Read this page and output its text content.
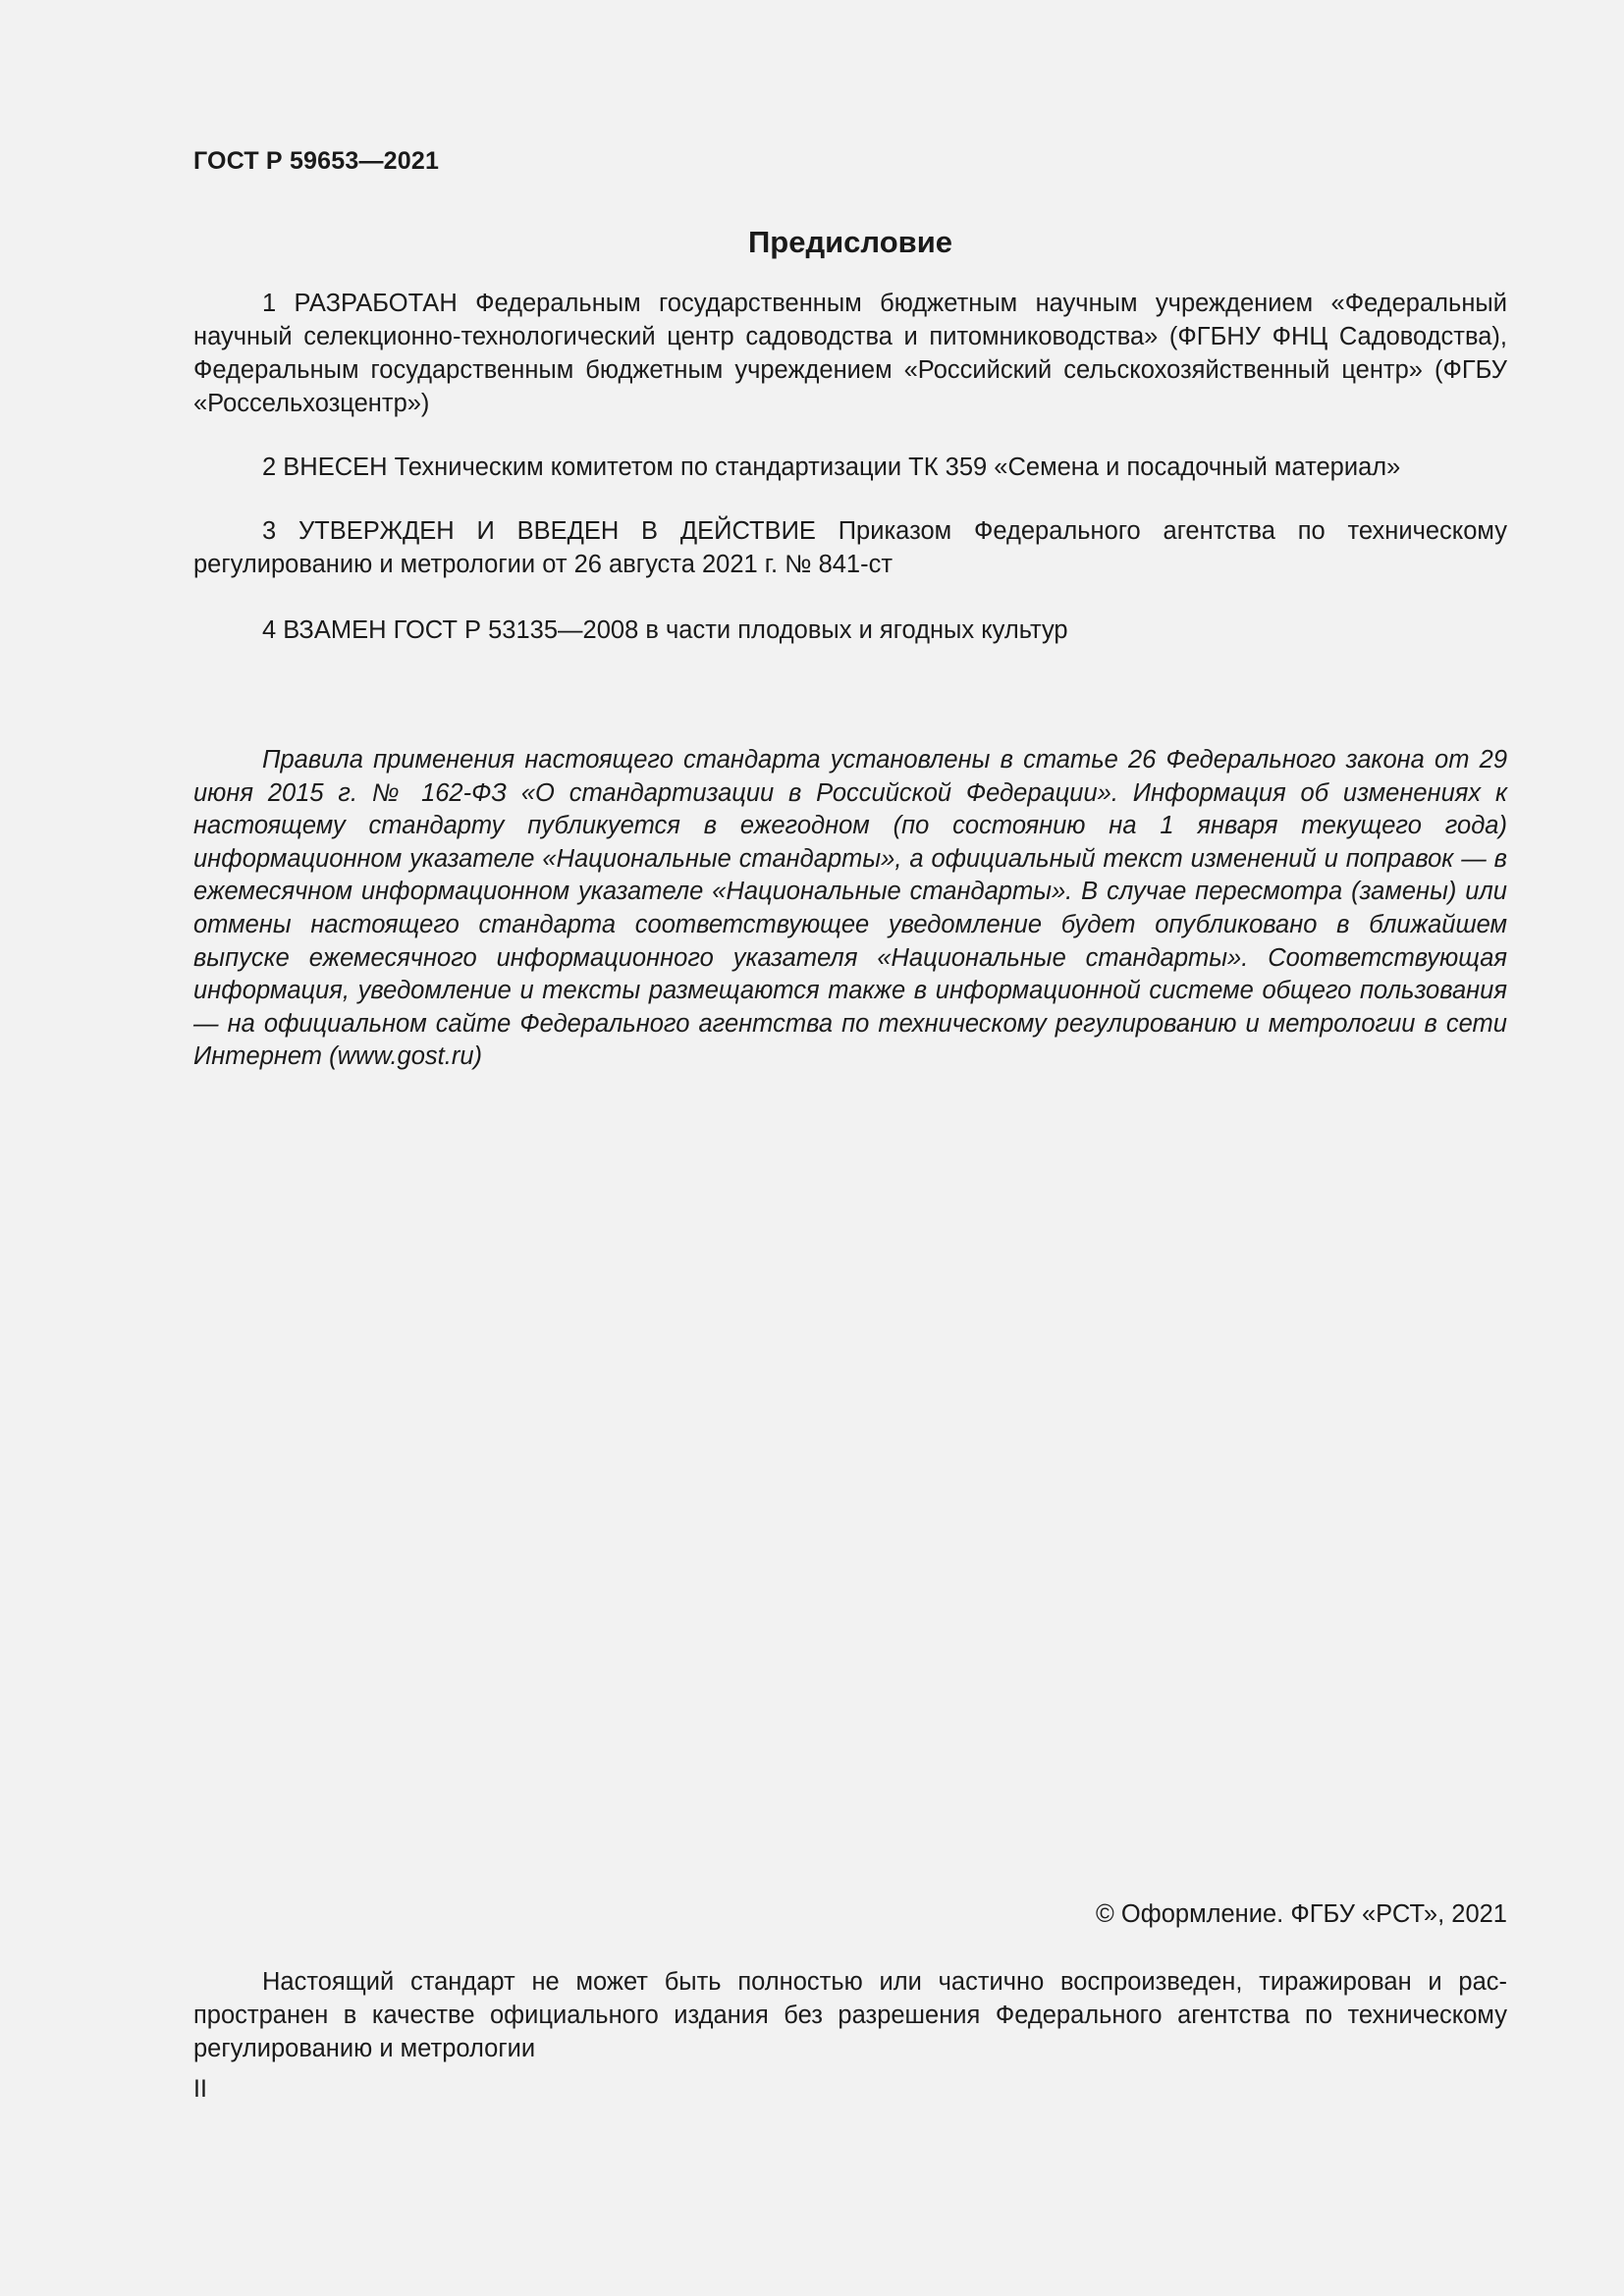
ГОСТ Р 59653—2021
Предисловие

1 РАЗРАБОТАН Федеральным государственным бюджетным научным учреждением «Федеральный научный селекционно-технологический центр садоводства и питомниководства» (ФГБНУ ФНЦ Садоводства), Федеральным государственным бюджетным учреждением «Российский сельскохозяйственный центр» (ФГБУ «Россельхозцентр»)

2 ВНЕСЕН Техническим комитетом по стандартизации ТК 359 «Семена и посадочный материал»

3 УТВЕРЖДЕН И ВВЕДЕН В ДЕЙСТВИЕ Приказом Федерального агентства по техническому регулированию и метрологии от 26 августа 2021 г. № 841-ст

4 ВЗАМЕН ГОСТ Р 53135—2008 в части плодовых и ягодных культур

Правила применения настоящего стандарта установлены в статье 26 Федерального закона от 29 июня 2015 г. № 162-ФЗ «О стандартизации в Российской Федерации». Информация об изменениях к настоящему стандарту публикуется в ежегодном (по состоянию на 1 января текущего года) информационном указателе «Национальные стандарты», а официальный текст изменений и поправок — в ежемесячном информационном указателе «Национальные стандарты». В случае пересмотра (замены) или отмены настоящего стандарта соответствующее уведомление будет опубликовано в ближайшем выпуске ежемесячного информационного указателя «Национальные стандарты». Соответствующая информация, уведомление и тексты размещаются также в информационной системе общего пользования — на официальном сайте Федерального агентства по техническому регулированию и метрологии в сети Интернет (www.gost.ru)

© Оформление. ФГБУ «РСТ», 2021

Настоящий стандарт не может быть полностью или частично воспроизведен, тиражирован и распространен в качестве официального издания без разрешения Федерального агентства по техническому регулированию и метрологии

II
